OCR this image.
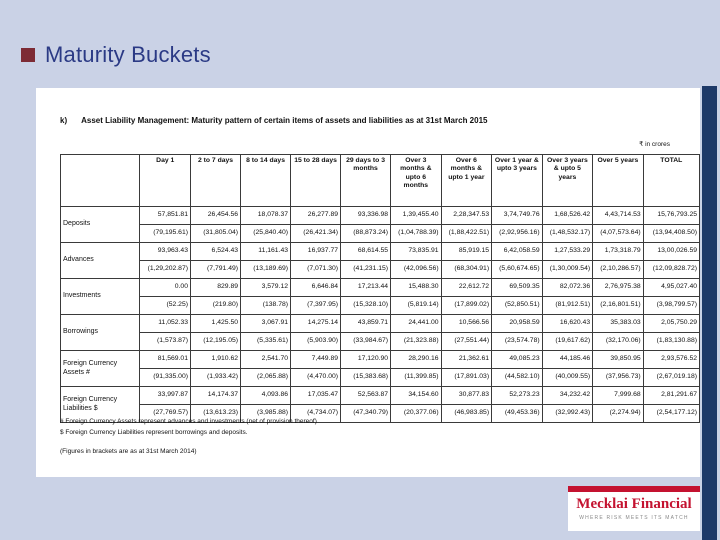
Maturity Buckets
k) Asset Liability Management: Maturity pattern of certain items of assets and liabilities as at 31st March 2015
₹ in crores
	Day 1	2 to 7 days	8 to 14 days	15 to 28 days	29 days to 3 months	Over 3 months & upto 6 months	Over 6 months & upto 1 year	Over 1 year & upto 3 years	Over 3 years & upto 5 years	Over 5 years	TOTAL
Deposits	57,851.81	26,454.56	18,078.37	26,277.89	93,336.98	1,39,455.40	2,28,347.53	3,74,749.76	1,68,526.42	4,43,714.53	15,76,793.25
	(79,195.61)	(31,805.04)	(25,840.40)	(26,421.34)	(88,873.24)	(1,04,788.39)	(1,88,422.51)	(2,92,956.16)	(1,48,532.17)	(4,07,573.64)	(13,94,408.50)
Advances	93,963.43	6,524.43	11,161.43	16,937.77	68,614.55	73,835.91	85,919.15	6,42,058.59	1,27,533.29	1,73,318.79	13,00,026.59
	(1,29,202.87)	(7,791.49)	(13,189.69)	(7,071.30)	(41,231.15)	(42,096.56)	(68,304.91)	(5,60,674.65)	(1,30,009.54)	(2,10,286.57)	(12,09,828.72)
Investments	0.00	829.89	3,579.12	6,646.84	17,213.44	15,488.30	22,612.72	69,509.35	82,072.36	2,76,975.38	4,95,027.40
	(52.25)	(219.80)	(138.78)	(7,397.95)	(15,328.10)	(5,819.14)	(17,899.02)	(52,850.51)	(81,912.51)	(2,16,801.51)	(3,98,799.57)
Borrowings	11,052.33	1,425.50	3,067.91	14,275.14	43,859.71	24,441.00	10,566.56	20,958.59	16,620.43	35,383.03	2,05,750.29
	(1,573.87)	(12,195.05)	(5,335.61)	(5,903.90)	(33,984.67)	(21,323.88)	(27,551.44)	(23,574.78)	(19,617.62)	(32,170.06)	(1,83,130.88)
Foreign Currency Assets #	81,569.01	1,910.62	2,541.70	7,449.89	17,120.90	28,290.16	21,362.61	49,085.23	44,185.46	39,850.95	2,93,576.52
	(91,335.00)	(1,933.42)	(2,065.88)	(4,470.00)	(15,383.68)	(11,399.85)	(17,891.03)	(44,582.10)	(40,009.55)	(37,956.73)	(2,67,019.18)
Foreign Currency Liabilities $	33,997.87	14,174.37	4,093.86	17,035.47	52,563.87	34,154.60	30,877.83	52,273.23	34,232.42	7,999.68	2,81,291.67
	(27,769.57)	(13,613.23)	(3,985.88)	(4,734.07)	(47,340.79)	(20,377.06)	(46,983.85)	(49,453.36)	(32,992.43)	(2,274.94)	(2,54,177.12)
# Foreign Currency Assets represent advances and investments (net of provision thereof)
$ Foreign Currency Liabilities represent borrowings and deposits.
(Figures in brackets are as at 31st March 2014)
Mecklai Financial
WHERE RISK MEETS ITS MATCH
